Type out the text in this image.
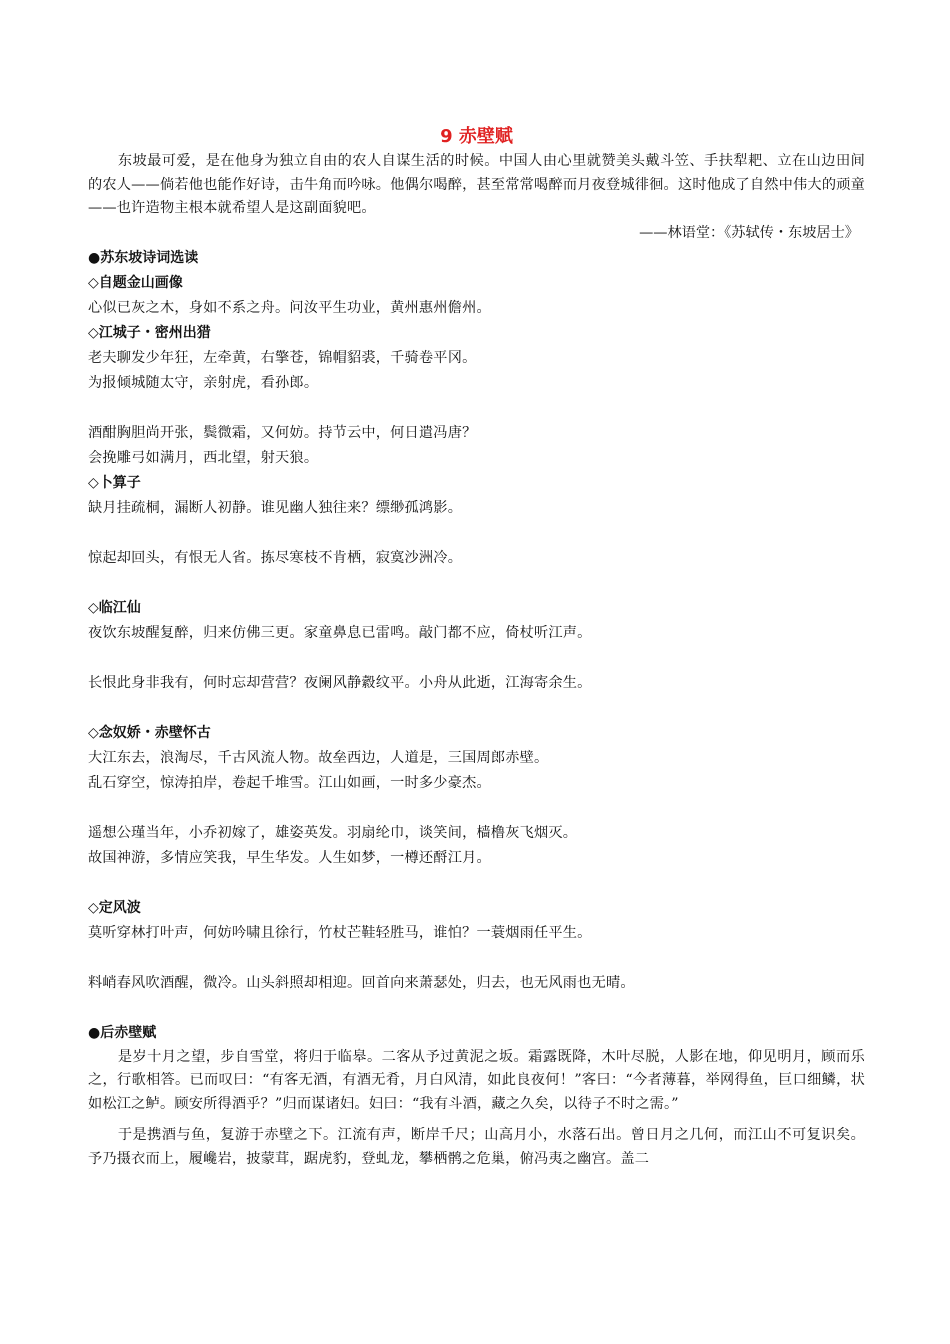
9 赤壁赋

东坡最可爱，是在他身为独立自由的农人自谋生活的时候。中国人由心里就赞美头戴斗笠、手扶犁耙、立在山边田间的农人——倘若他也能作好诗，击牛角而吟咏。他偶尔喝醉，甚至常常喝醉而月夜登城徘徊。这时他成了自然中伟大的顽童——也许造物主根本就希望人是这副面貌吧。

——林语堂：《苏轼传・东坡居士》

●苏东坡诗词选读

◇自题金山画像

心似已灰之木，身如不系之舟。问汝平生功业，黄州惠州儋州。

◇江城子・密州出猎

老夫聊发少年狂，左牵黄，右擎苍，锦帽貂裘，千骑卷平冈。

为报倾城随太守，亲射虎，看孙郎。

酒酣胸胆尚开张，鬓微霜，又何妨。持节云中，何日遣冯唐？

会挽雕弓如满月，西北望，射天狼。

◇卜算子

缺月挂疏桐，漏断人初静。谁见幽人独往来？缥缈孤鸿影。

惊起却回头，有恨无人省。拣尽寒枝不肯栖，寂寞沙洲冷。

◇临江仙

夜饮东坡醒复醉，归来仿佛三更。家童鼻息已雷鸣。敲门都不应，倚杖听江声。

长恨此身非我有，何时忘却营营？夜阑风静縠纹平。小舟从此逝，江海寄余生。

◇念奴娇・赤壁怀古

大江东去，浪淘尽，千古风流人物。故垒西边，人道是，三国周郎赤壁。

乱石穿空，惊涛拍岸，卷起千堆雪。江山如画，一时多少豪杰。

遥想公瑾当年，小乔初嫁了，雄姿英发。羽扇纶巾，谈笑间，樯橹灰飞烟灭。

故国神游，多情应笑我，早生华发。人生如梦，一樽还酹江月。

◇定风波

莫听穿林打叶声，何妨吟啸且徐行，竹杖芒鞋轻胜马，谁怕？一蓑烟雨任平生。

料峭春风吹酒醒，微冷。山头斜照却相迎。回首向来萧瑟处，归去，也无风雨也无晴。

●后赤壁赋

是岁十月之望，步自雪堂，将归于临皋。二客从予过黄泥之坂。霜露既降，木叶尽脱，人影在地，仰见明月，顾而乐之，行歌相答。已而叹曰：“有客无酒，有酒无肴，月白风清，如此良夜何！”客曰：“今者薄暮，举网得鱼，巨口细鳞，状如松江之鲈。顾安所得酒乎？”归而谋诸妇。妇曰：“我有斗酒，藏之久矣，以待子不时之需。”

于是携酒与鱼，复游于赤壁之下。江流有声，断岸千尺；山高月小，水落石出。曾日月之几何，而江山不可复识矣。予乃摄衣而上，履巉岩，披蒙茸，踞虎豹，登虬龙，攀栖鹘之危巢，俯冯夷之幽宫。盖二
